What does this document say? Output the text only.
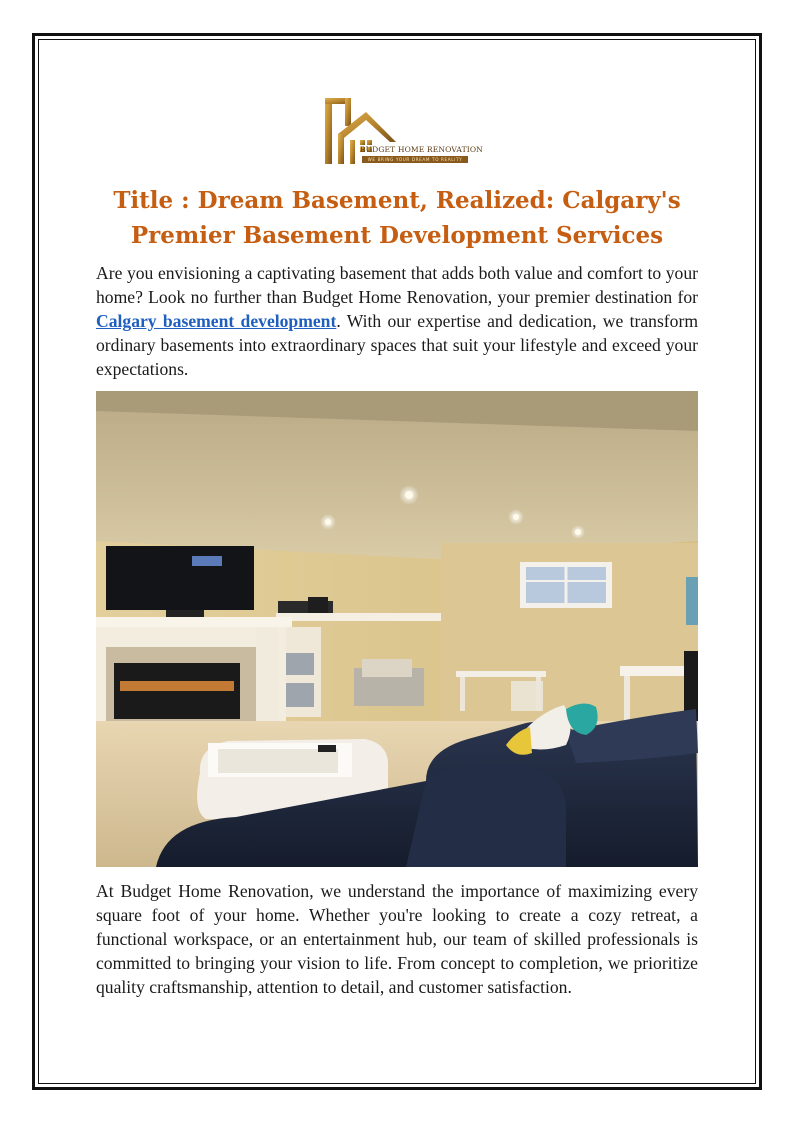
BUDGET HOME RENOVATION
WE BRING YOUR DREAM TO REALITY
Title : Dream Basement, Realized: Calgary's Premier Basement Development Services

Are you envisioning a captivating basement that adds both value and comfort to your home? Look no further than Budget Home Renovation, your premier destination for Calgary basement development. With our expertise and dedication, we transform ordinary basements into extraordinary spaces that suit your lifestyle and exceed your expectations.

At Budget Home Renovation, we understand the importance of maximizing every square foot of your home. Whether you're looking to create a cozy retreat, a functional workspace, or an entertainment hub, our team of skilled professionals is committed to bringing your vision to life. From concept to completion, we prioritize quality craftsmanship, attention to detail, and customer satisfaction.
